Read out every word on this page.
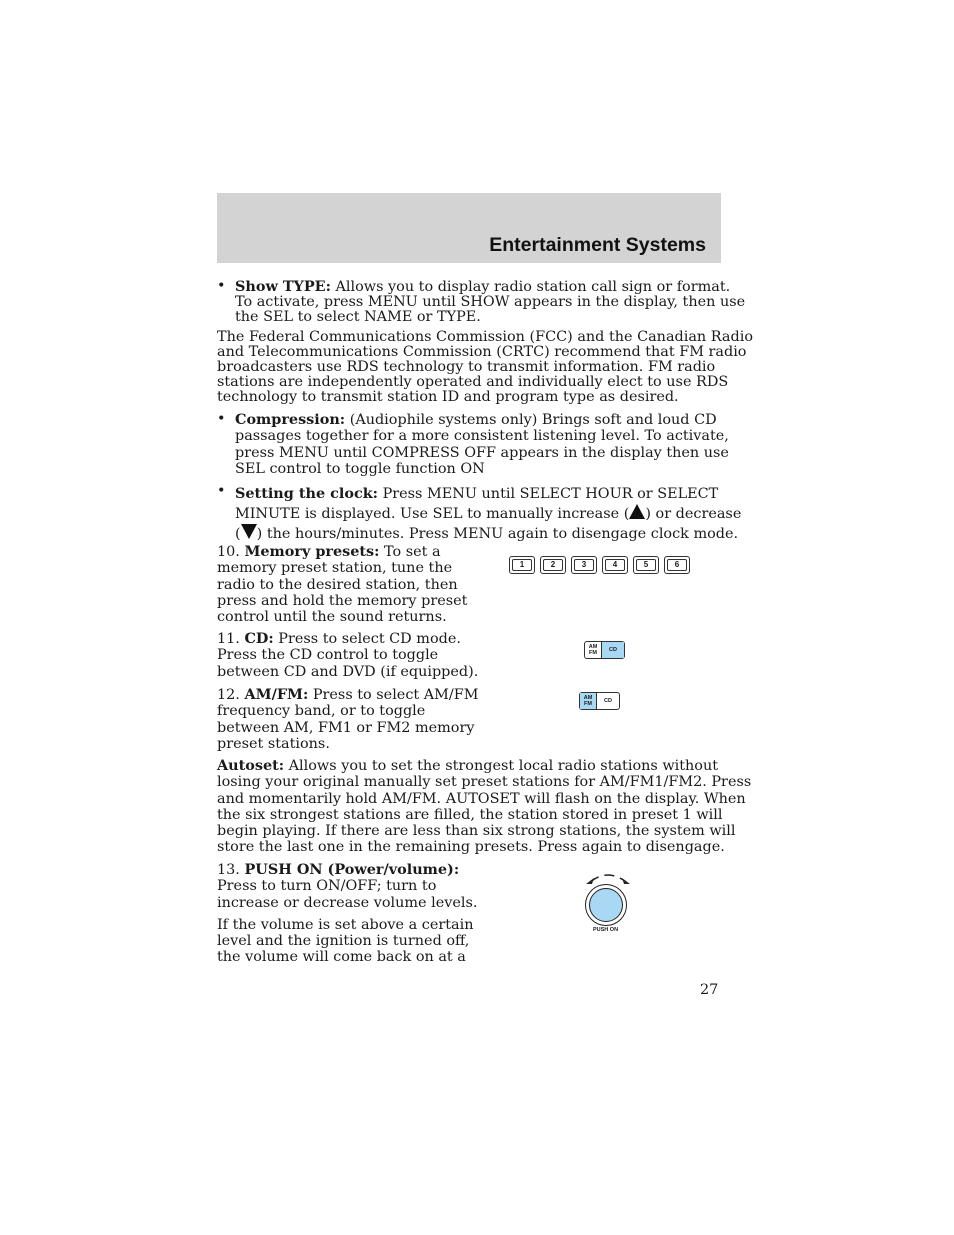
Entertainment Systems
• Show TYPE: Allows you to display radio station call sign or format.

To activate, press MENU until SHOW appears in the display, then use

the SEL to select NAME or TYPE.

The Federal Communications Commission (FCC) and the Canadian Radio

and Telecommunications Commission (CRTC) recommend that FM radio

broadcasters use RDS technology to transmit information. FM radio

stations are independently operated and individually elect to use RDS

technology to transmit station ID and program type as desired.

• Compression: (Audiophile systems only) Brings soft and loud CD

passages together for a more consistent listening level. To activate,

press MENU until COMPRESS OFF appears in the display then use

SEL control to toggle function ON

• Setting the clock: Press MENU until SELECT HOUR or SELECT

MINUTE is displayed. Use SEL to manually increase ( ) or decrease

( ) the hours/minutes. Press MENU again to disengage clock mode.

10. Memory presets: To set a

memory preset station, tune the

radio to the desired station, then

press and hold the memory preset

control until the sound returns.

1	2	3	4	5	6

11. CD: Press to select CD mode.

Press the CD control to toggle

between CD and DVD (if equipped).

AM
FM	CD

12. AM/FM: Press to select AM/FM

frequency band, or to toggle

between AM, FM1 or FM2 memory

preset stations.

AM
FM	CD

Autoset: Allows you to set the strongest local radio stations without

losing your original manually set preset stations for AM/FM1/FM2. Press

and momentarily hold AM/FM. AUTOSET will flash on the display. When

the six strongest stations are filled, the station stored in preset 1 will

begin playing. If there are less than six strong stations, the system will

store the last one in the remaining presets. Press again to disengage.

13. PUSH ON (Power/volume):

Press to turn ON/OFF; turn to

increase or decrease volume levels.

If the volume is set above a certain

level and the ignition is turned off,

the volume will come back on at a

PUSH ON
27
